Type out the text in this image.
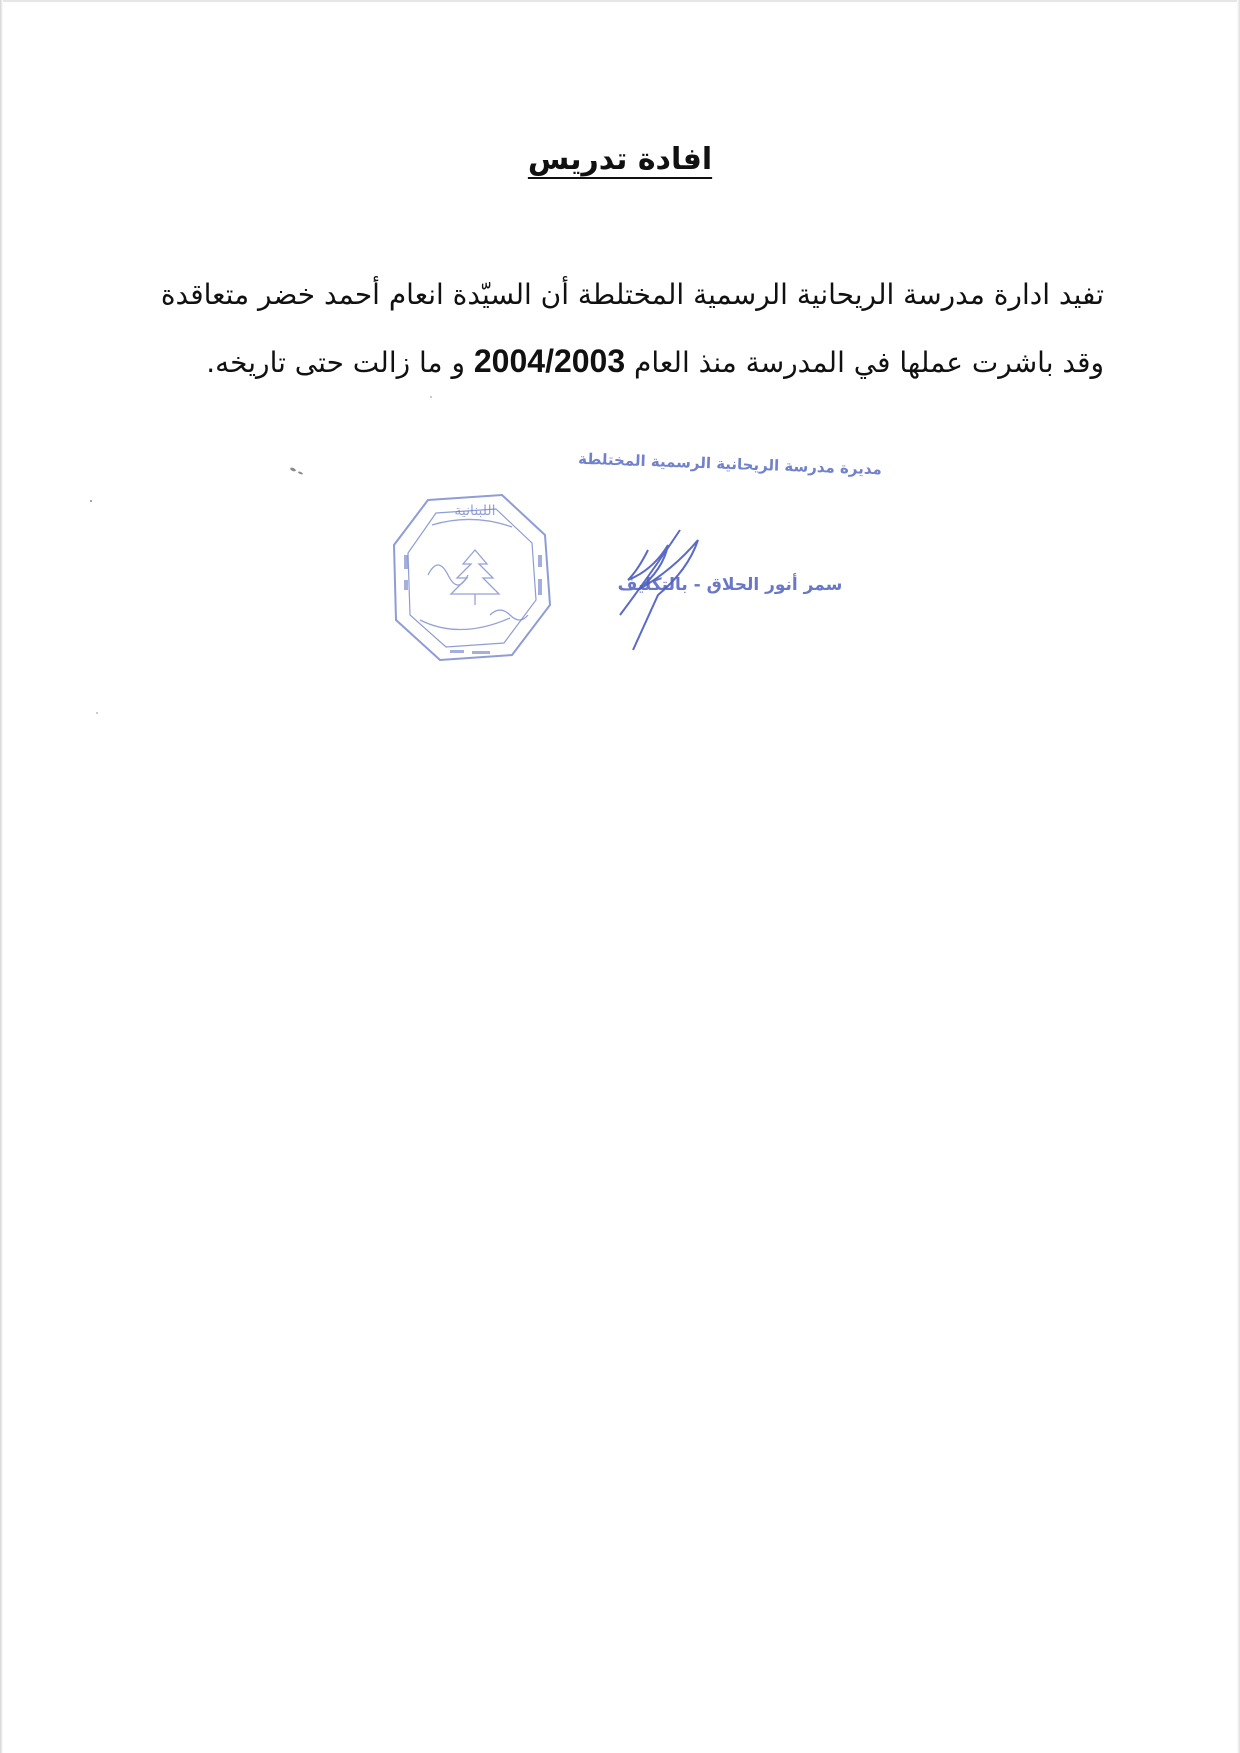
افادة تدريس
تفيد ادارة مدرسة الريحانية الرسمية المختلطة أن السيّدة انعام أحمد خضر متعاقدة
وقد باشرت عملها في المدرسة منذ العام 2004/2003 و ما زالت حتى تاريخه.
مديرة مدرسة الريحانية الرسمية المختلطة
سمر أنور الحلاق - بالتكليف
اللبنانية
